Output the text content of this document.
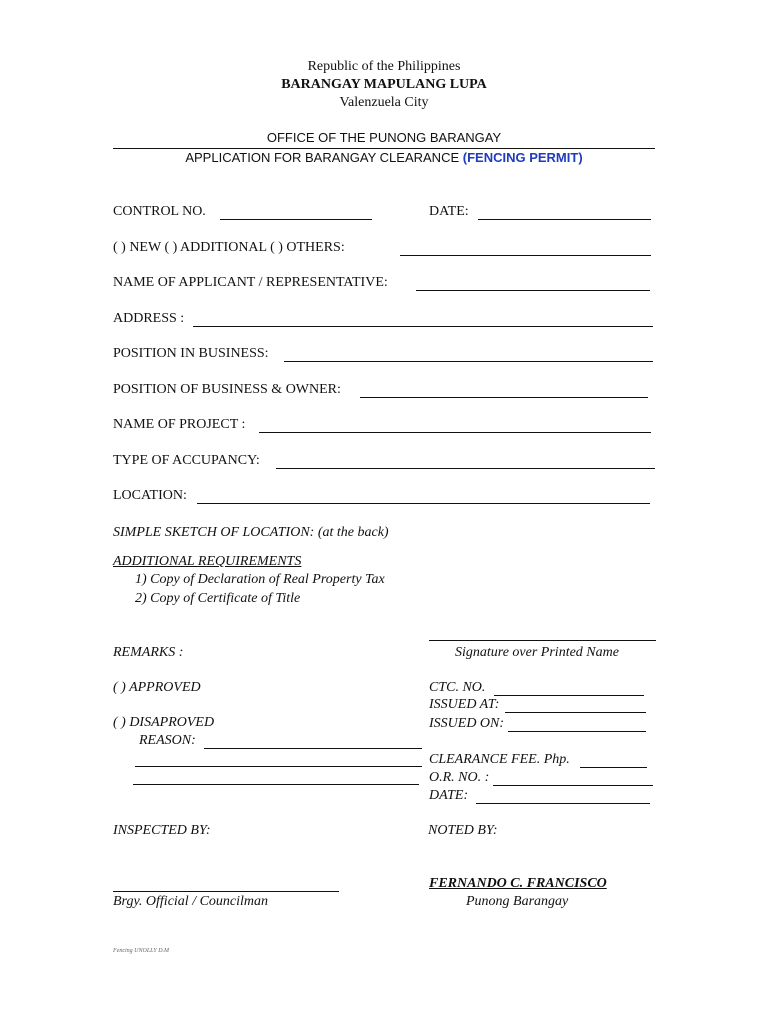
Republic of the Philippines
BARANGAY MAPULANG LUPA
Valenzuela City
OFFICE OF THE PUNONG BARANGAY
APPLICATION FOR BARANGAY CLEARANCE (FENCING PERMIT)
CONTROL NO.	DATE:
( ) NEW ( ) ADDITIONAL ( ) OTHERS:
NAME OF APPLICANT / REPRESENTATIVE:
ADDRESS :
POSITION IN BUSINESS:
POSITION OF BUSINESS & OWNER:
NAME OF PROJECT :
TYPE OF ACCUPANCY:
LOCATION:
SIMPLE SKETCH OF LOCATION: (at the back)
ADDITIONAL REQUIREMENTS
1) Copy of Declaration of Real Property Tax
2) Copy of Certificate of Title
Signature over Printed Name
REMARKS :
( ) APPROVED
( ) DISAPROVED
REASON:
CTC. NO.
ISSUED AT:
ISSUED ON:
CLEARANCE FEE. Php.
O.R. NO. :
DATE:
INSPECTED BY:	NOTED BY:
Brgy. Official / Councilman
FERNANDO C. FRANCISCO
Punong Barangay
Fencing UNOLLY D.M
